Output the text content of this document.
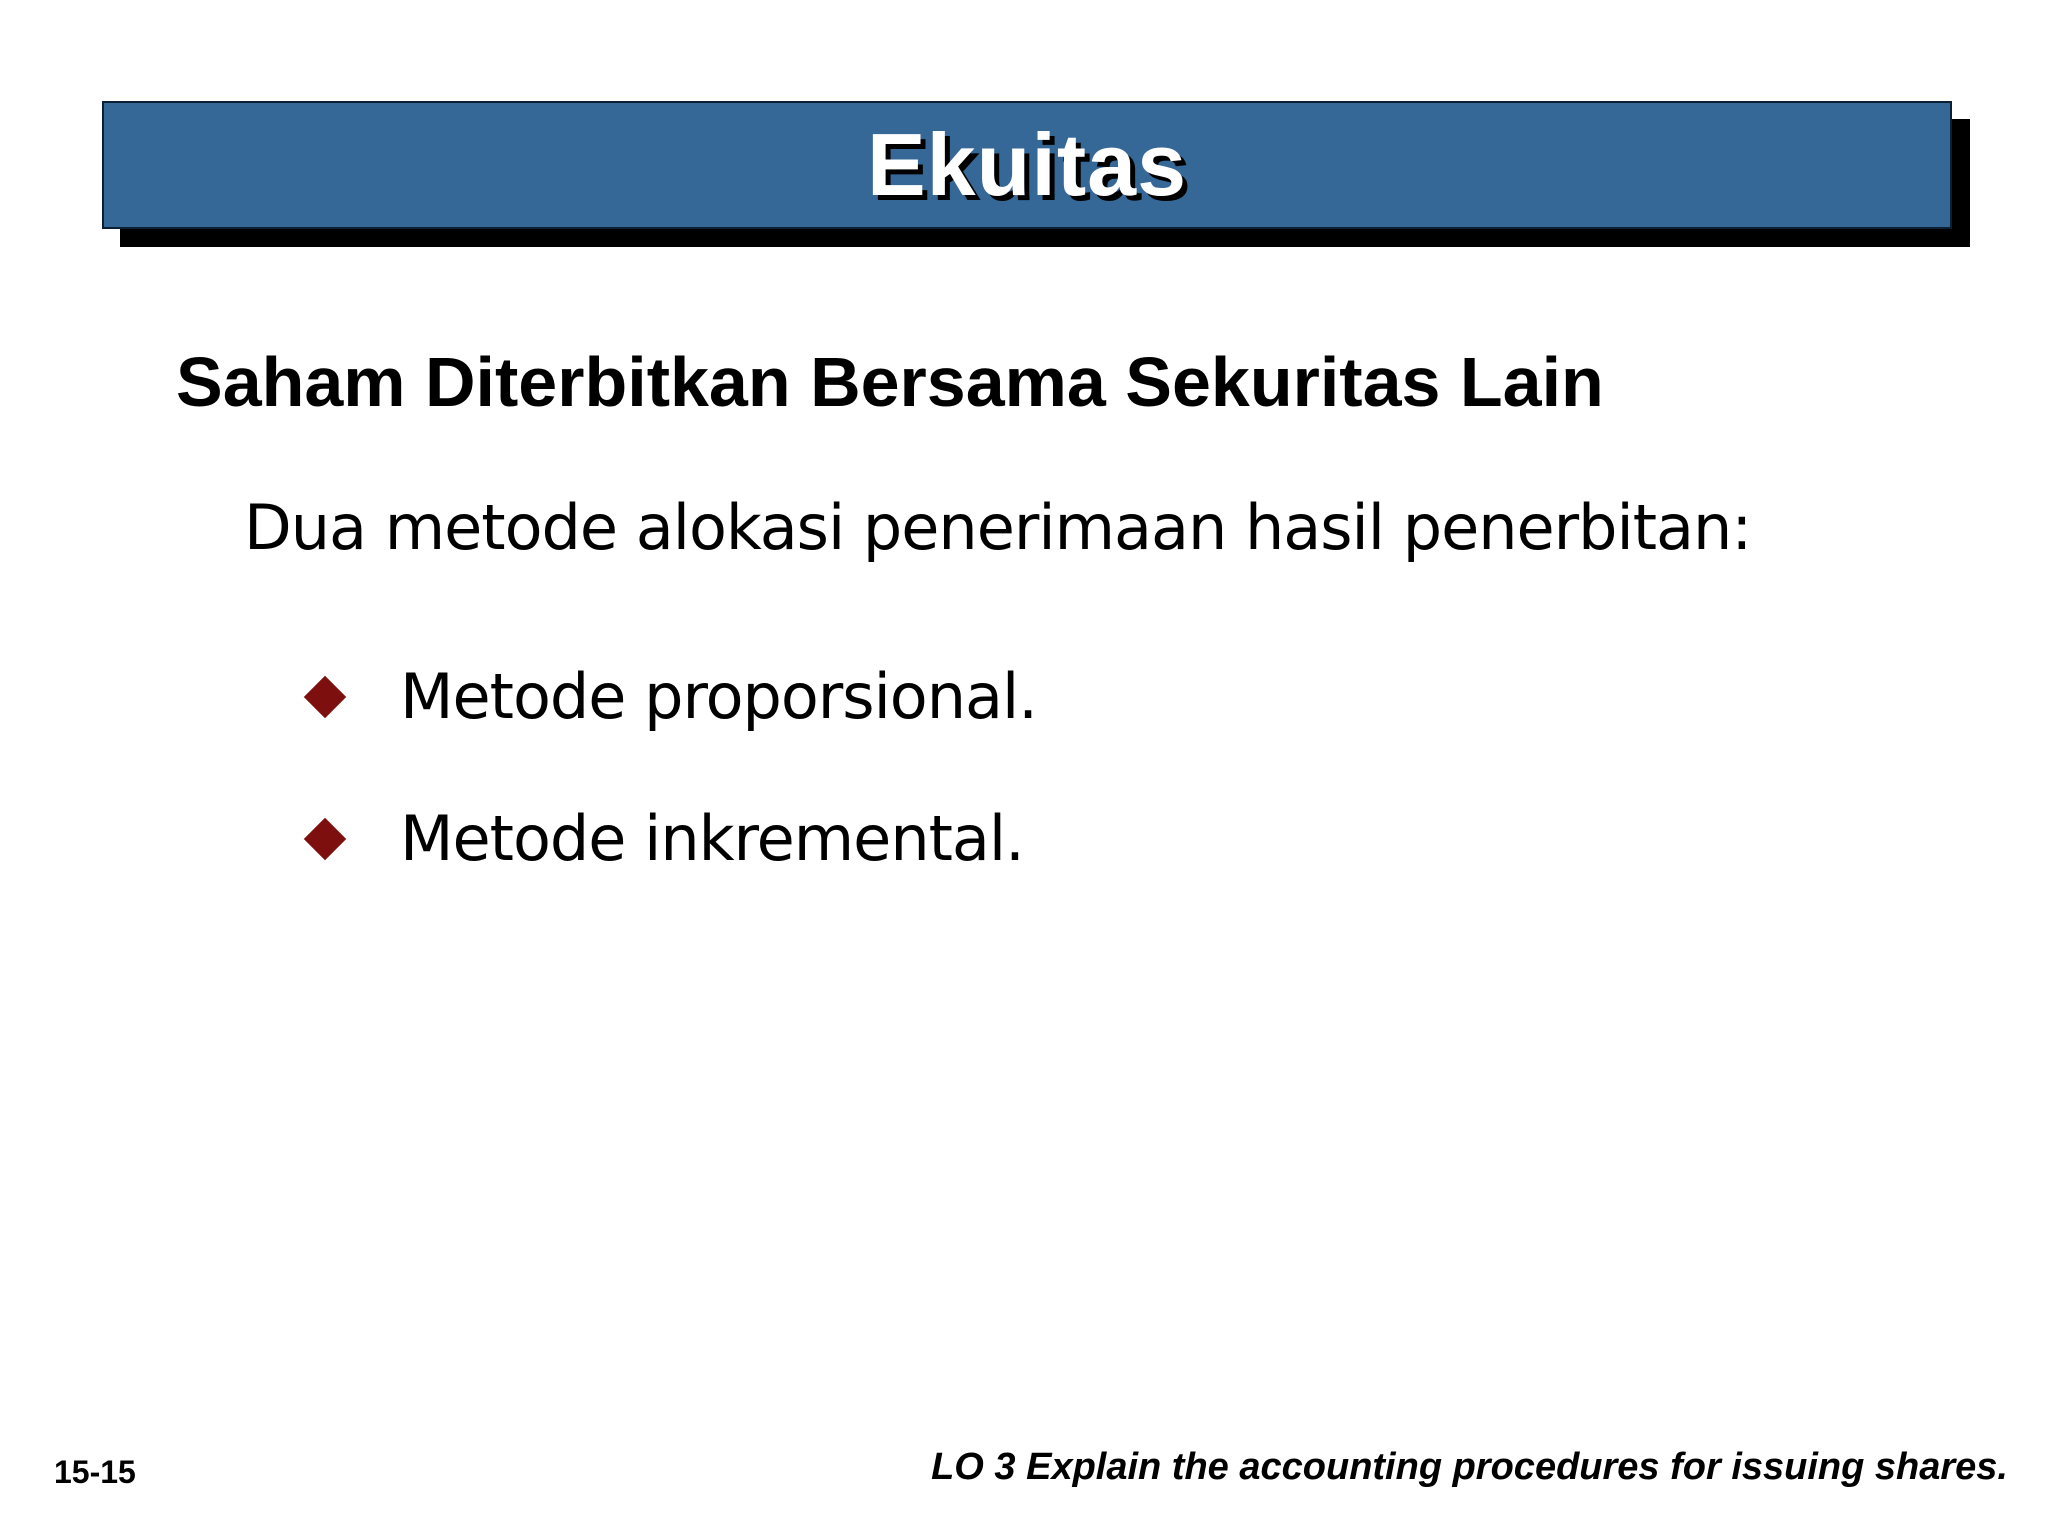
Ekuitas
Saham Diterbitkan Bersama Sekuritas Lain
Dua metode alokasi penerimaan hasil penerbitan:
Metode proporsional.
Metode inkremental.
15-15	LO 3 Explain the accounting procedures for issuing shares.
